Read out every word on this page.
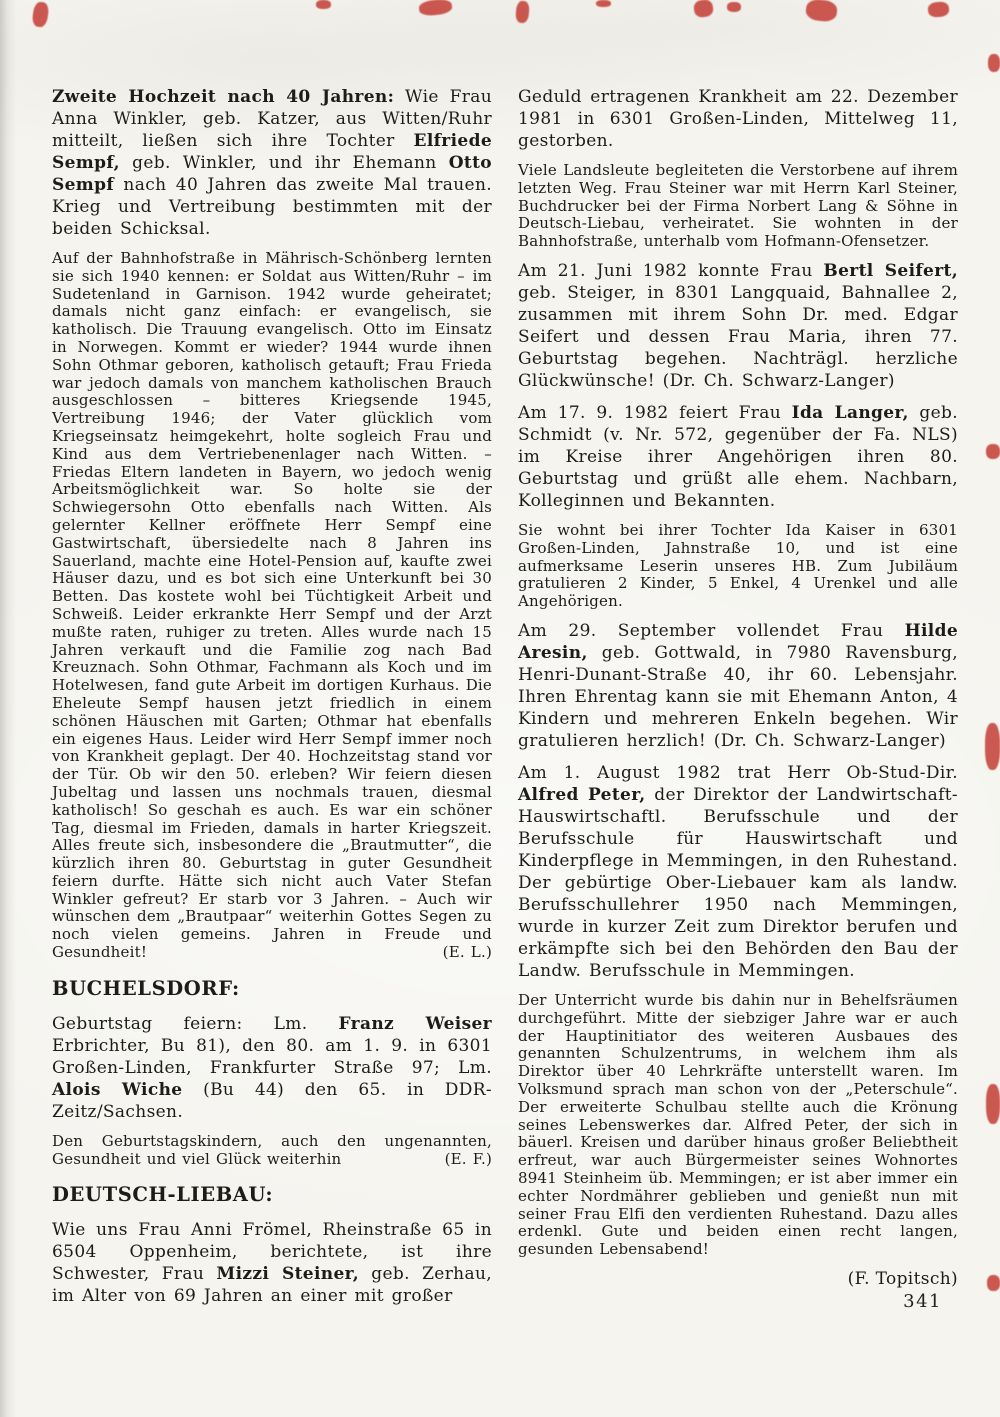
Zweite Hochzeit nach 40 Jahren: Wie Frau Anna Winkler, geb. Katzer, aus Witten/Ruhr mitteilt, ließen sich ihre Tochter Elfriede Sempf, geb. Winkler, und ihr Ehemann Otto Sempf nach 40 Jahren das zweite Mal trauen. Krieg und Vertreibung bestimmten mit der beiden Schicksal.

Auf der Bahnhofstraße in Mährisch-Schönberg lernten sie sich 1940 kennen: er Soldat aus Witten/Ruhr – im Sudetenland in Garnison. 1942 wurde geheiratet; damals nicht ganz einfach: er evangelisch, sie katholisch. Die Trauung evangelisch. Otto im Einsatz in Norwegen. Kommt er wieder? 1944 wurde ihnen Sohn Othmar geboren, katholisch getauft; Frau Frieda war jedoch damals von manchem katholischen Brauch ausgeschlossen – bitteres Kriegsende 1945, Vertreibung 1946; der Vater glücklich vom Kriegseinsatz heimgekehrt, holte sogleich Frau und Kind aus dem Vertriebenenlager nach Witten. – Friedas Eltern landeten in Bayern, wo jedoch wenig Arbeitsmöglichkeit war. So holte sie der Schwiegersohn Otto ebenfalls nach Witten. Als gelernter Kellner eröffnete Herr Sempf eine Gastwirtschaft, übersiedelte nach 8 Jahren ins Sauerland, machte eine Hotel-Pension auf, kaufte zwei Häuser dazu, und es bot sich eine Unterkunft bei 30 Betten. Das kostete wohl bei Tüchtigkeit Arbeit und Schweiß. Leider erkrankte Herr Sempf und der Arzt mußte raten, ruhiger zu treten. Alles wurde nach 15 Jahren verkauft und die Familie zog nach Bad Kreuznach. Sohn Othmar, Fachmann als Koch und im Hotelwesen, fand gute Arbeit im dortigen Kurhaus. Die Eheleute Sempf hausen jetzt friedlich in einem schönen Häuschen mit Garten; Othmar hat ebenfalls ein eigenes Haus. Leider wird Herr Sempf immer noch von Krankheit geplagt. Der 40. Hochzeitstag stand vor der Tür. Ob wir den 50. erleben? Wir feiern diesen Jubeltag und lassen uns nochmals trauen, diesmal katholisch! So geschah es auch. Es war ein schöner Tag, diesmal im Frieden, damals in harter Kriegszeit. Alles freute sich, insbesondere die „Brautmutter“, die kürzlich ihren 80. Geburtstag in guter Gesundheit feiern durfte. Hätte sich nicht auch Vater Stefan Winkler gefreut? Er starb vor 3 Jahren. – Auch wir wünschen dem „Brautpaar“ weiterhin Gottes Segen zu noch vielen gemeins. Jahren in Freude und Gesundheit!	(E. L.)

BUCHELSDORF:

Geburtstag feiern: Lm. Franz Weiser Erbrichter, Bu 81), den 80. am 1. 9. in 6301 Großen-Linden, Frankfurter Straße 97; Lm. Alois Wiche (Bu 44) den 65. in DDR-Zeitz/Sachsen.

Den Geburtstagskindern, auch den ungenannten, Gesundheit und viel Glück weiterhin	(E. F.)

DEUTSCH-LIEBAU:

Wie uns Frau Anni Frömel, Rheinstraße 65 in 6504 Oppenheim, berichtete, ist ihre Schwester, Frau Mizzi Steiner, geb. Zerhau, im Alter von 69 Jahren an einer mit großer

Geduld ertragenen Krankheit am 22. Dezember 1981 in 6301 Großen-Linden, Mittelweg 11, gestorben.

Viele Landsleute begleiteten die Verstorbene auf ihrem letzten Weg. Frau Steiner war mit Herrn Karl Steiner, Buchdrucker bei der Firma Norbert Lang & Söhne in Deutsch-Liebau, verheiratet. Sie wohnten in der Bahnhofstraße, unterhalb vom Hofmann-Ofensetzer.

Am 21. Juni 1982 konnte Frau Bertl Seifert, geb. Steiger, in 8301 Langquaid, Bahnallee 2, zusammen mit ihrem Sohn Dr. med. Edgar Seifert und dessen Frau Maria, ihren 77. Geburtstag begehen. Nachträgl. herzliche Glückwünsche! (Dr. Ch. Schwarz-Langer)

Am 17. 9. 1982 feiert Frau Ida Langer, geb. Schmidt (v. Nr. 572, gegenüber der Fa. NLS) im Kreise ihrer Angehörigen ihren 80. Geburtstag und grüßt alle ehem. Nachbarn, Kolleginnen und Bekannten.

Sie wohnt bei ihrer Tochter Ida Kaiser in 6301 Großen-Linden, Jahnstraße 10, und ist eine aufmerksame Leserin unseres HB. Zum Jubiläum gratulieren 2 Kinder, 5 Enkel, 4 Urenkel und alle Angehörigen.

Am 29. September vollendet Frau Hilde Aresin, geb. Gottwald, in 7980 Ravensburg, Henri-Dunant-Straße 40, ihr 60. Lebensjahr. Ihren Ehrentag kann sie mit Ehemann Anton, 4 Kindern und mehreren Enkeln begehen. Wir gratulieren herzlich! (Dr. Ch. Schwarz-Langer)

Am 1. August 1982 trat Herr Ob-Stud-Dir. Alfred Peter, der Direktor der Landwirtschaft-Hauswirtschaftl. Berufsschule und der Berufsschule für Hauswirtschaft und Kinderpflege in Memmingen, in den Ruhestand. Der gebürtige Ober-Liebauer kam als landw. Berufsschullehrer 1950 nach Memmingen, wurde in kurzer Zeit zum Direktor berufen und erkämpfte sich bei den Behörden den Bau der Landw. Berufsschule in Memmingen.

Der Unterricht wurde bis dahin nur in Behelfsräumen durchgeführt. Mitte der siebziger Jahre war er auch der Hauptinitiator des weiteren Ausbaues des genannten Schulzentrums, in welchem ihm als Direktor über 40 Lehrkräfte unterstellt waren. Im Volksmund sprach man schon von der „Peterschule“. Der erweiterte Schulbau stellte auch die Krönung seines Lebenswerkes dar. Alfred Peter, der sich in bäuerl. Kreisen und darüber hinaus großer Beliebtheit erfreut, war auch Bürgermeister seines Wohnortes 8941 Steinheim üb. Memmingen; er ist aber immer ein echter Nordmährer geblieben und genießt nun mit seiner Frau Elfi den verdienten Ruhestand. Dazu alles erdenkl. Gute und beiden einen recht langen, gesunden Lebensabend!

(F. Topitsch)

341
